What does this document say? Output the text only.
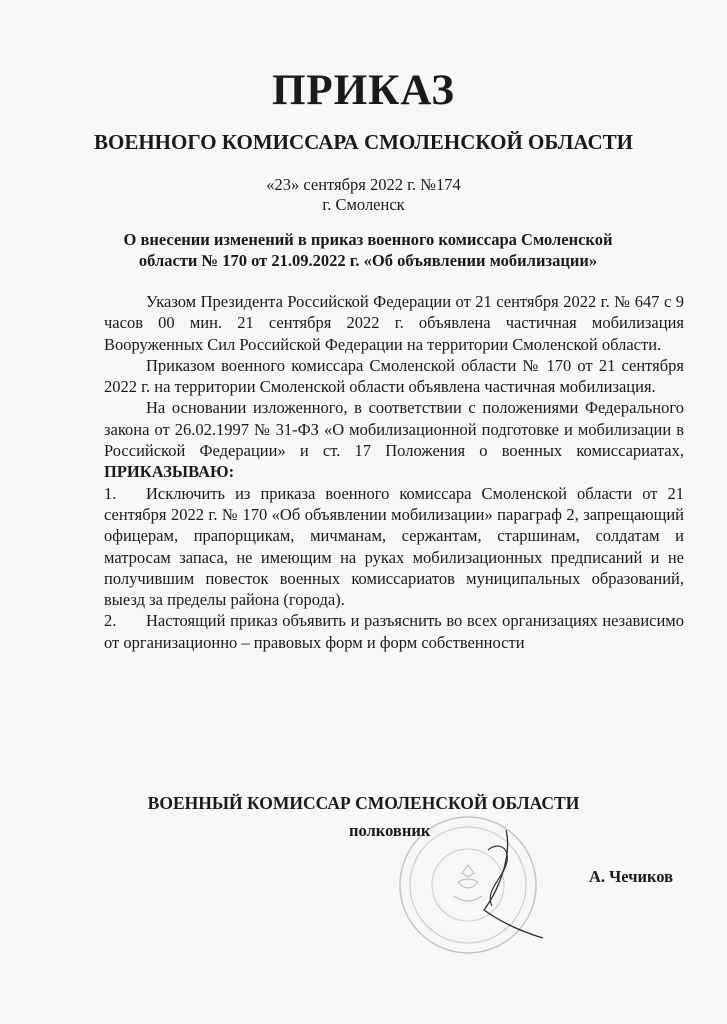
ПРИКАЗ
ВОЕННОГО КОМИССАРА СМОЛЕНСКОЙ ОБЛАСТИ
«23» сентября 2022 г. №174
г. Смоленск
О внесении изменений в приказ военного комиссара Смоленской
области № 170 от 21.09.2022 г. «Об объявлении мобилизации»

Указом Президента Российской Федерации от 21 сентября 2022 г. № 647 с 9 часов 00 мин. 21 сентября 2022 г. объявлена частичная мобилизация Вооруженных Сил Российской Федерации на территории Смоленской области.

Приказом военного комиссара Смоленской области № 170 от 21 сентября 2022 г. на территории Смоленской области объявлена частичная мобилизация.

На основании изложенного, в соответствии с положениями Федерального закона от 26.02.1997 № 31-ФЗ «О мобилизационной подготовке и мобилизации в Российской Федерации» и ст. 17 Положения о военных комиссариатах, ПРИКАЗЫВАЮ:

1. Исключить из приказа военного комиссара Смоленской области от 21 сентября 2022 г. № 170 «Об объявлении мобилизации» параграф 2, запрещающий офицерам, прапорщикам, мичманам, сержантам, старшинам, солдатам и матросам запаса, не имеющим на руках мобилизационных предписаний и не получившим повесток военных комиссариатов муниципальных образований, выезд за пределы района (города).

2. Настоящий приказ объявить и разъяснить во всех организациях независимо от организационно – правовых форм и форм собственности

ВОЕННЫЙ КОМИССАР СМОЛЕНСКОЙ ОБЛАСТИ
полковник
А. Чечиков
